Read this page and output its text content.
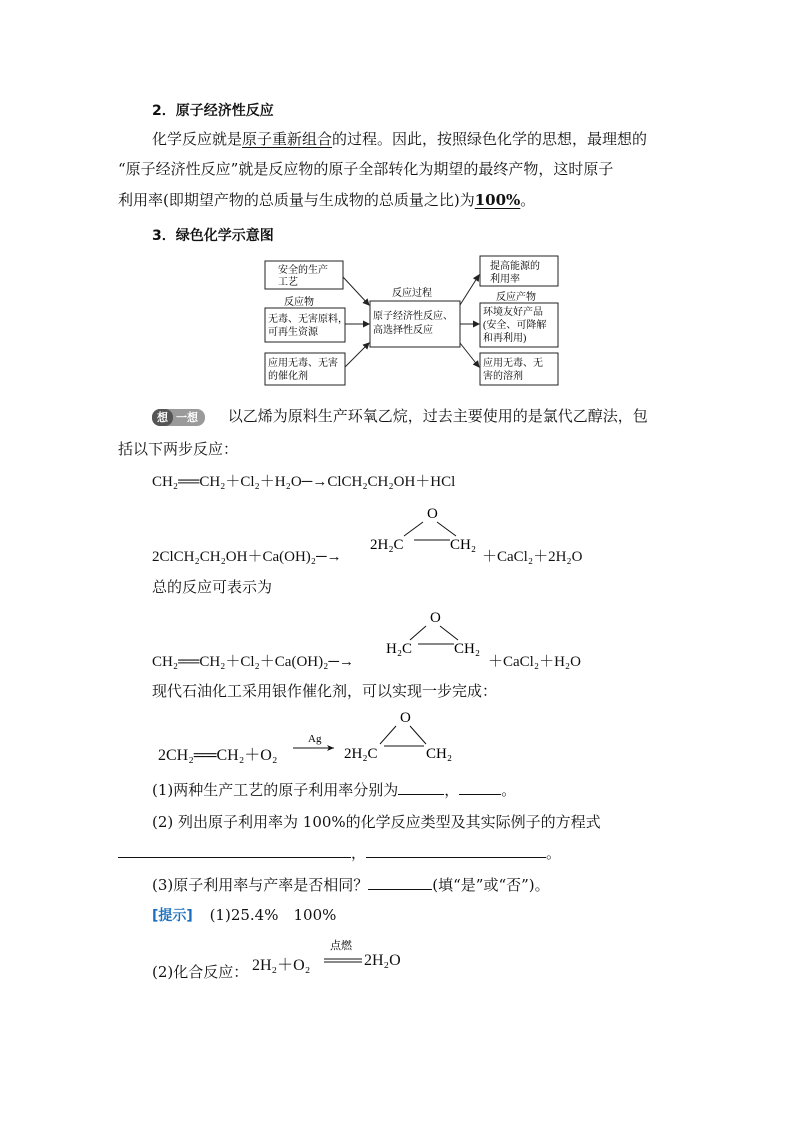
2．原子经济性反应
化学反应就是原子重新组合的过程。因此，按照绿色化学的思想，最理想的
“原子经济性反应”就是反应物的原子全部转化为期望的最终产物，这时原子
利用率(即期望产物的总质量与生成物的总质量之比)为100%。
3．绿色化学示意图
安全的生产
工艺
反应物
无毒、无害原料，
可再生资源
应用无毒、无害
的催化剂
反应过程
原子经济性反应、
高选择性反应
提高能源的
利用率
反应产物
环境友好产品
(安全、可降解
和再利用)
应用无毒、无
害的溶剂
想 一想 以乙烯为原料生产环氧乙烷，过去主要使用的是氯代乙醇法，包
括以下两步反应：
CH₂══CH₂＋Cl₂＋H₂O─→ClCH₂CH₂OH＋HCl
2ClCH₂CH₂OH＋Ca(OH)₂─→
O
2H₂C	CH₂
＋CaCl₂＋2H₂O
总的反应可表示为
CH₂══CH₂＋Cl₂＋Ca(OH)₂─→
O
H₂C	CH₂
＋CaCl₂＋H₂O
现代石油化工采用银作催化剂，可以实现一步完成：
2CH₂══CH₂＋O₂
Ag
O
2H₂C	CH₂
(1)两种生产工艺的原子利用率分别为	，	。
(2) 列出原子利用率为 100%的化学反应类型及其实际例子的方程式
，	。
(3)原子利用率与产率是否相同？	(填“是”或“否”)。
[提示] (1)25.4%　100%
(2)化合反应： 2H₂＋O₂
点燃
2H₂O
